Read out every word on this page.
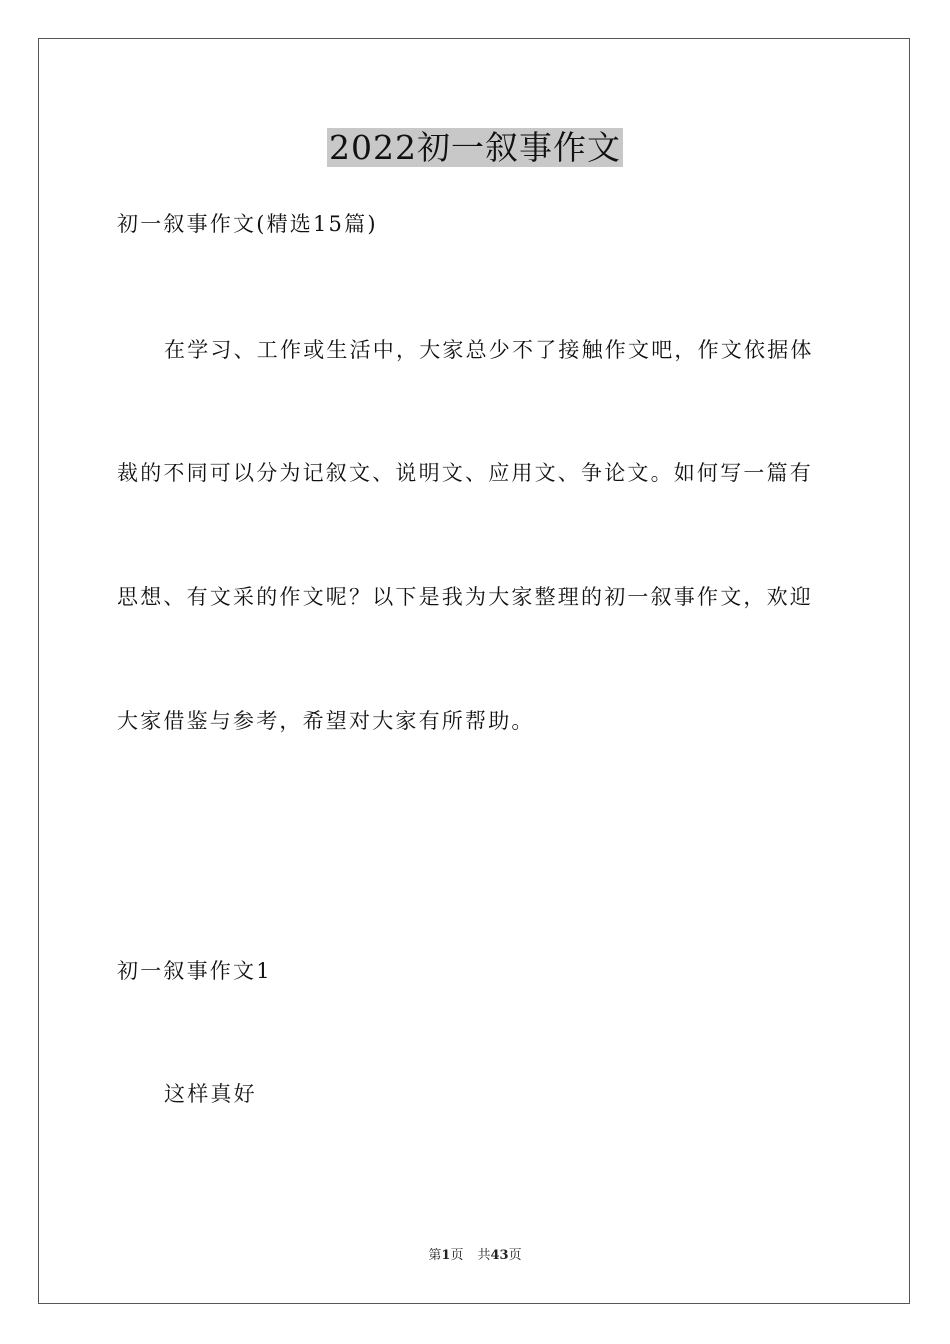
2022初一叙事作文

初一叙事作文(精选15篇)

在学习、工作或生活中，大家总少不了接触作文吧，作文依据体

裁的不同可以分为记叙文、说明文、应用文、争论文。如何写一篇有

思想、有文采的作文呢？以下是我为大家整理的初一叙事作文，欢迎

大家借鉴与参考，希望对大家有所帮助。

初一叙事作文1

这样真好

第1页 共43页
